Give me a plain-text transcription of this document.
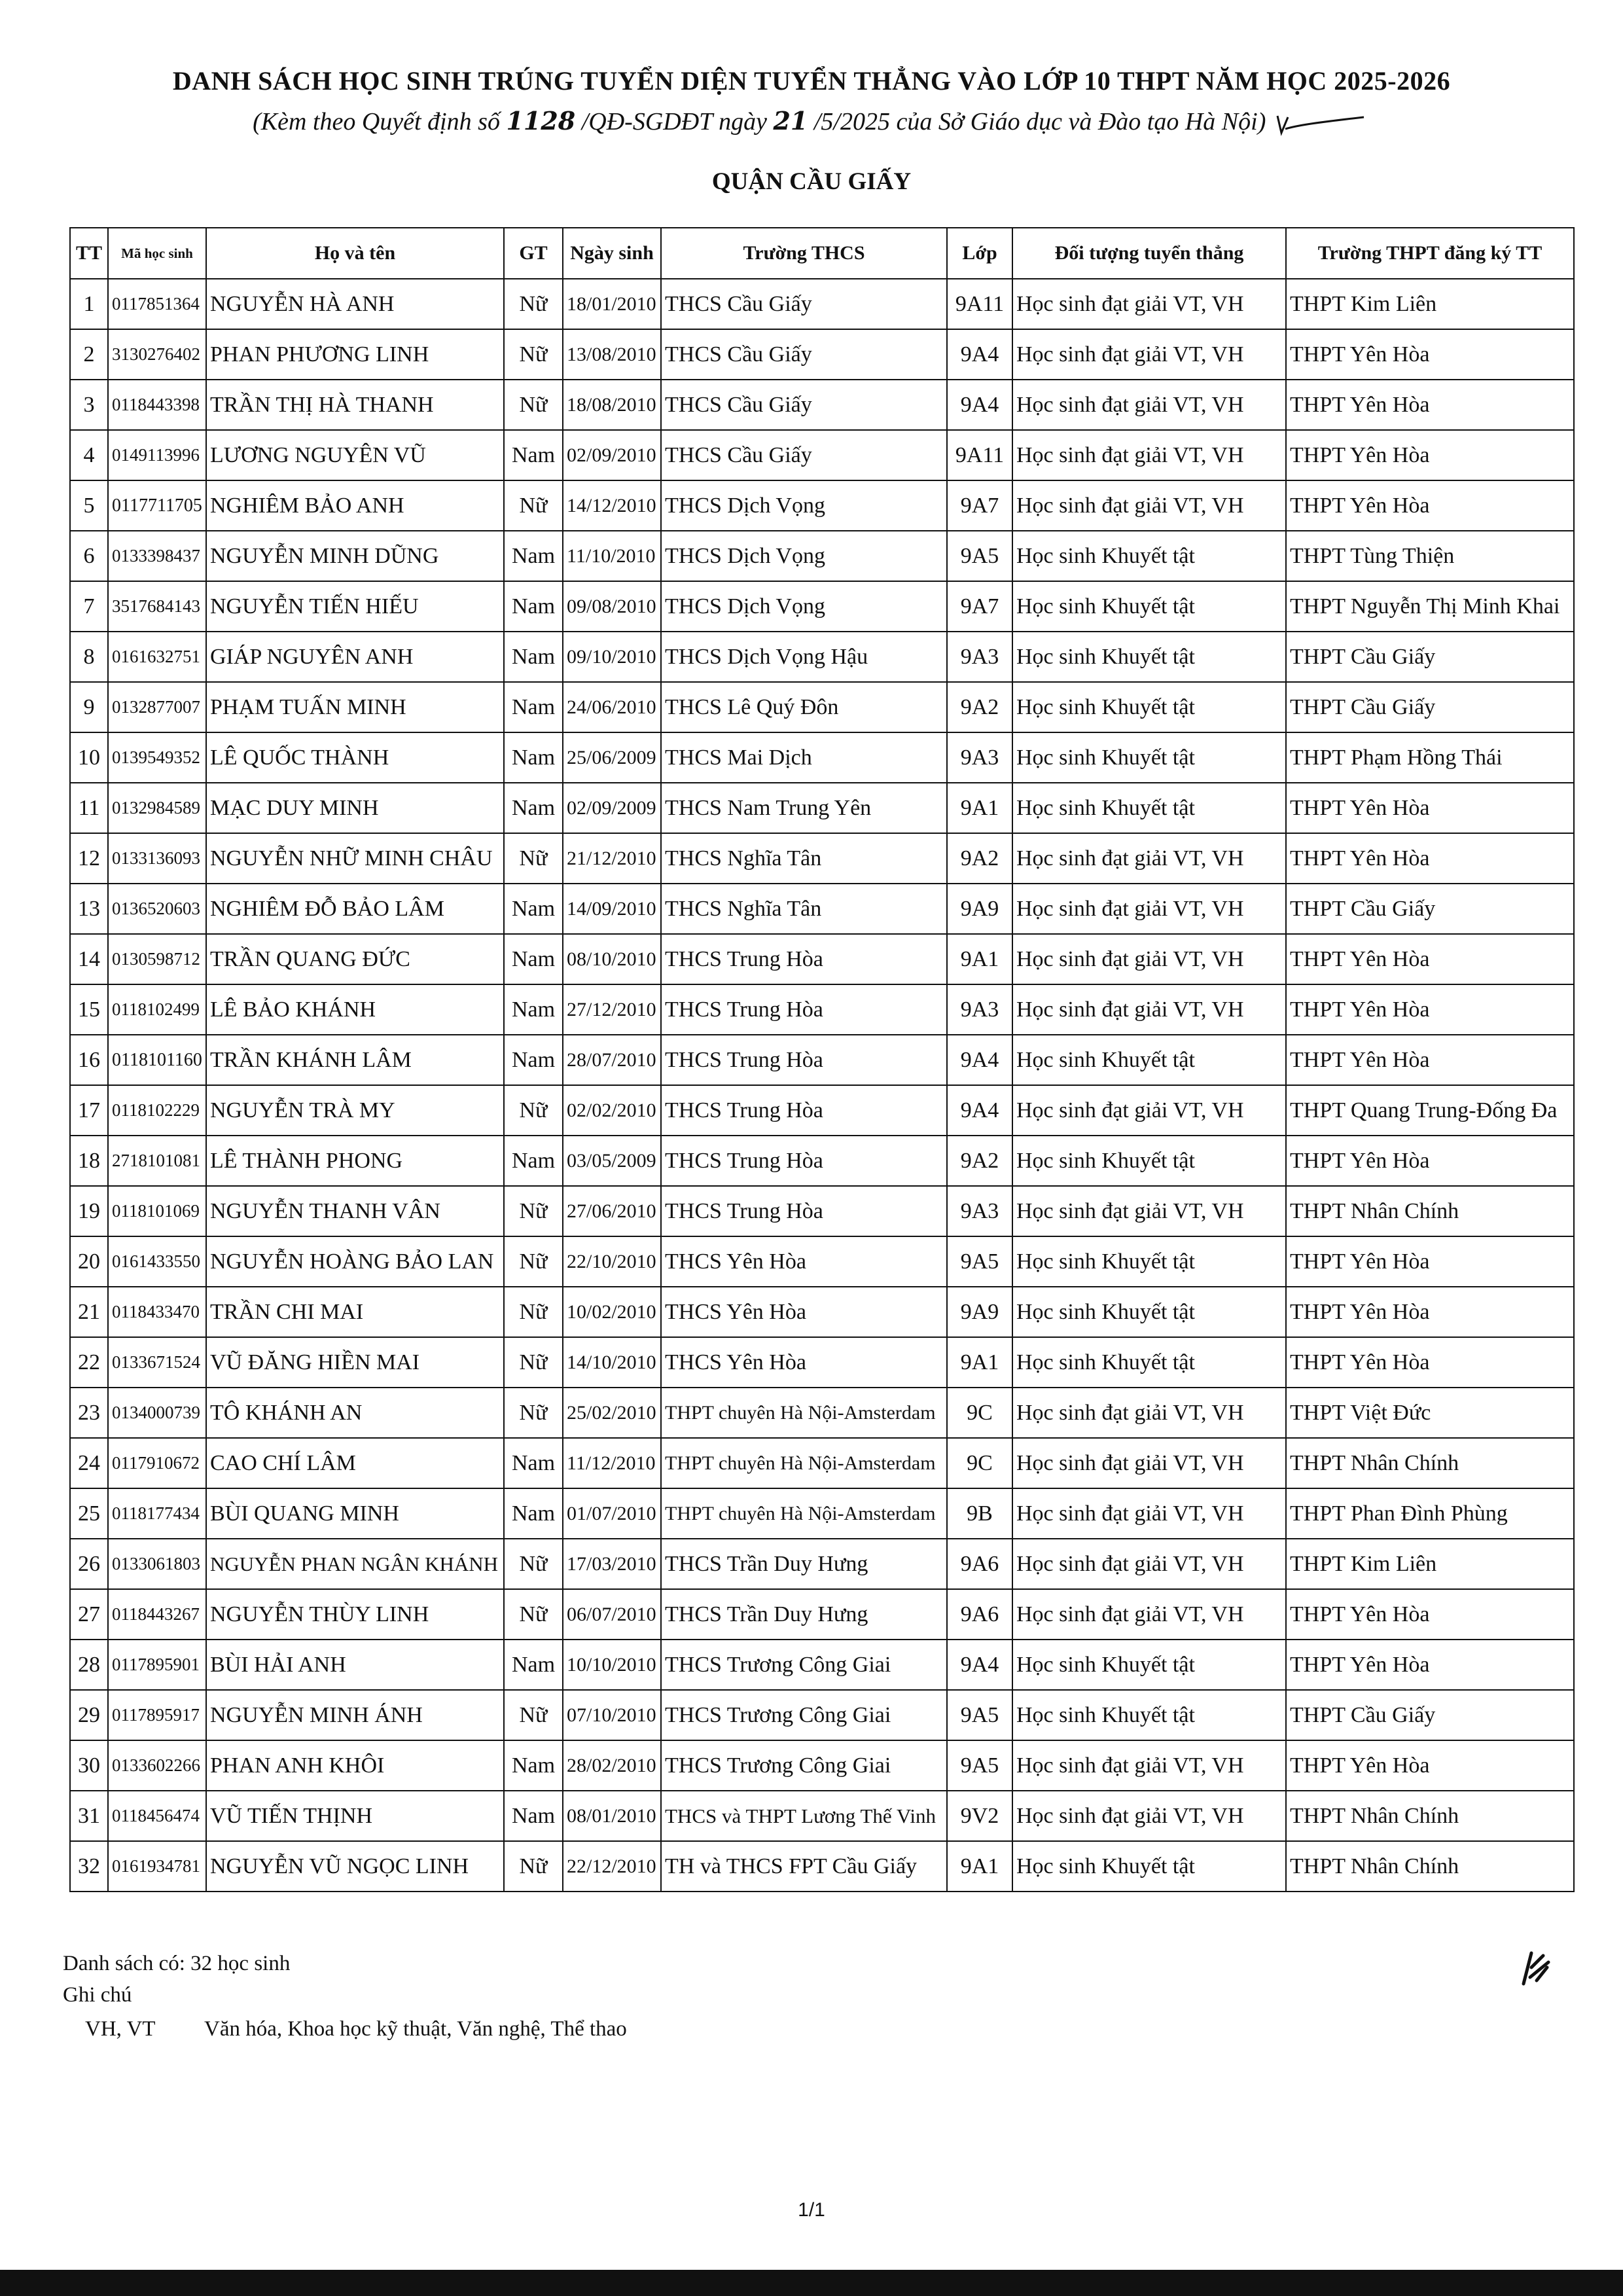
DANH SÁCH HỌC SINH TRÚNG TUYỂN DIỆN TUYỂN THẲNG VÀO LỚP 10 THPT NĂM HỌC 2025-2026
(Kèm theo Quyết định số 1128 /QĐ-SGDĐT ngày 21 /5/2025 của Sở Giáo dục và Đào tạo Hà Nội)
QUẬN CẦU GIẤY
TT	Mã học sinh	Họ và tên	GT	Ngày sinh	Trường THCS	Lớp	Đối tượng tuyển thẳng	Trường THPT đăng ký TT
1	0117851364	NGUYỄN HÀ ANH	Nữ	18/01/2010	THCS Cầu Giấy	9A11	Học sinh đạt giải VT, VH	THPT Kim Liên
2	3130276402	PHAN PHƯƠNG LINH	Nữ	13/08/2010	THCS Cầu Giấy	9A4	Học sinh đạt giải VT, VH	THPT Yên Hòa
3	0118443398	TRẦN THỊ HÀ THANH	Nữ	18/08/2010	THCS Cầu Giấy	9A4	Học sinh đạt giải VT, VH	THPT Yên Hòa
4	0149113996	LƯƠNG NGUYÊN VŨ	Nam	02/09/2010	THCS Cầu Giấy	9A11	Học sinh đạt giải VT, VH	THPT Yên Hòa
5	0117711705	NGHIÊM BẢO ANH	Nữ	14/12/2010	THCS Dịch Vọng	9A7	Học sinh đạt giải VT, VH	THPT Yên Hòa
6	0133398437	NGUYỄN MINH DŨNG	Nam	11/10/2010	THCS Dịch Vọng	9A5	Học sinh Khuyết tật	THPT Tùng Thiện
7	3517684143	NGUYỄN TIẾN HIẾU	Nam	09/08/2010	THCS Dịch Vọng	9A7	Học sinh Khuyết tật	THPT Nguyễn Thị Minh Khai
8	0161632751	GIÁP NGUYÊN ANH	Nam	09/10/2010	THCS Dịch Vọng Hậu	9A3	Học sinh Khuyết tật	THPT Cầu Giấy
9	0132877007	PHẠM TUẤN MINH	Nam	24/06/2010	THCS Lê Quý Đôn	9A2	Học sinh Khuyết tật	THPT Cầu Giấy
10	0139549352	LÊ QUỐC THÀNH	Nam	25/06/2009	THCS Mai Dịch	9A3	Học sinh Khuyết tật	THPT Phạm Hồng Thái
11	0132984589	MẠC DUY MINH	Nam	02/09/2009	THCS Nam Trung Yên	9A1	Học sinh Khuyết tật	THPT Yên Hòa
12	0133136093	NGUYỄN NHỮ MINH CHÂU	Nữ	21/12/2010	THCS Nghĩa Tân	9A2	Học sinh đạt giải VT, VH	THPT Yên Hòa
13	0136520603	NGHIÊM ĐỖ BẢO LÂM	Nam	14/09/2010	THCS Nghĩa Tân	9A9	Học sinh đạt giải VT, VH	THPT Cầu Giấy
14	0130598712	TRẦN QUANG ĐỨC	Nam	08/10/2010	THCS Trung Hòa	9A1	Học sinh đạt giải VT, VH	THPT Yên Hòa
15	0118102499	LÊ BẢO KHÁNH	Nam	27/12/2010	THCS Trung Hòa	9A3	Học sinh đạt giải VT, VH	THPT Yên Hòa
16	0118101160	TRẦN KHÁNH LÂM	Nam	28/07/2010	THCS Trung Hòa	9A4	Học sinh Khuyết tật	THPT Yên Hòa
17	0118102229	NGUYỄN TRÀ MY	Nữ	02/02/2010	THCS Trung Hòa	9A4	Học sinh đạt giải VT, VH	THPT Quang Trung-Đống Đa
18	2718101081	LÊ THÀNH PHONG	Nam	03/05/2009	THCS Trung Hòa	9A2	Học sinh Khuyết tật	THPT Yên Hòa
19	0118101069	NGUYỄN THANH VÂN	Nữ	27/06/2010	THCS Trung Hòa	9A3	Học sinh đạt giải VT, VH	THPT Nhân Chính
20	0161433550	NGUYỄN HOÀNG BẢO LAN	Nữ	22/10/2010	THCS Yên Hòa	9A5	Học sinh Khuyết tật	THPT Yên Hòa
21	0118433470	TRẦN CHI MAI	Nữ	10/02/2010	THCS Yên Hòa	9A9	Học sinh Khuyết tật	THPT Yên Hòa
22	0133671524	VŨ ĐĂNG HIỀN MAI	Nữ	14/10/2010	THCS Yên Hòa	9A1	Học sinh Khuyết tật	THPT Yên Hòa
23	0134000739	TÔ KHÁNH AN	Nữ	25/02/2010	THPT chuyên Hà Nội-Amsterdam	9C	Học sinh đạt giải VT, VH	THPT Việt Đức
24	0117910672	CAO CHÍ LÂM	Nam	11/12/2010	THPT chuyên Hà Nội-Amsterdam	9C	Học sinh đạt giải VT, VH	THPT Nhân Chính
25	0118177434	BÙI QUANG MINH	Nam	01/07/2010	THPT chuyên Hà Nội-Amsterdam	9B	Học sinh đạt giải VT, VH	THPT Phan Đình Phùng
26	0133061803	NGUYỄN PHAN NGÂN KHÁNH	Nữ	17/03/2010	THCS Trần Duy Hưng	9A6	Học sinh đạt giải VT, VH	THPT Kim Liên
27	0118443267	NGUYỄN THÙY LINH	Nữ	06/07/2010	THCS Trần Duy Hưng	9A6	Học sinh đạt giải VT, VH	THPT Yên Hòa
28	0117895901	BÙI HẢI ANH	Nam	10/10/2010	THCS Trương Công Giai	9A4	Học sinh Khuyết tật	THPT Yên Hòa
29	0117895917	NGUYỄN MINH ÁNH	Nữ	07/10/2010	THCS Trương Công Giai	9A5	Học sinh Khuyết tật	THPT Cầu Giấy
30	0133602266	PHAN ANH KHÔI	Nam	28/02/2010	THCS Trương Công Giai	9A5	Học sinh đạt giải VT, VH	THPT Yên Hòa
31	0118456474	VŨ TIẾN THỊNH	Nam	08/01/2010	THCS và THPT Lương Thế Vinh	9V2	Học sinh đạt giải VT, VH	THPT Nhân Chính
32	0161934781	NGUYỄN VŨ NGỌC LINH	Nữ	22/12/2010	TH và THCS FPT Cầu Giấy	9A1	Học sinh Khuyết tật	THPT Nhân Chính
Danh sách có: 32 học sinh
Ghi chú
VH, VT Văn hóa, Khoa học kỹ thuật, Văn nghệ, Thể thao
1/1
